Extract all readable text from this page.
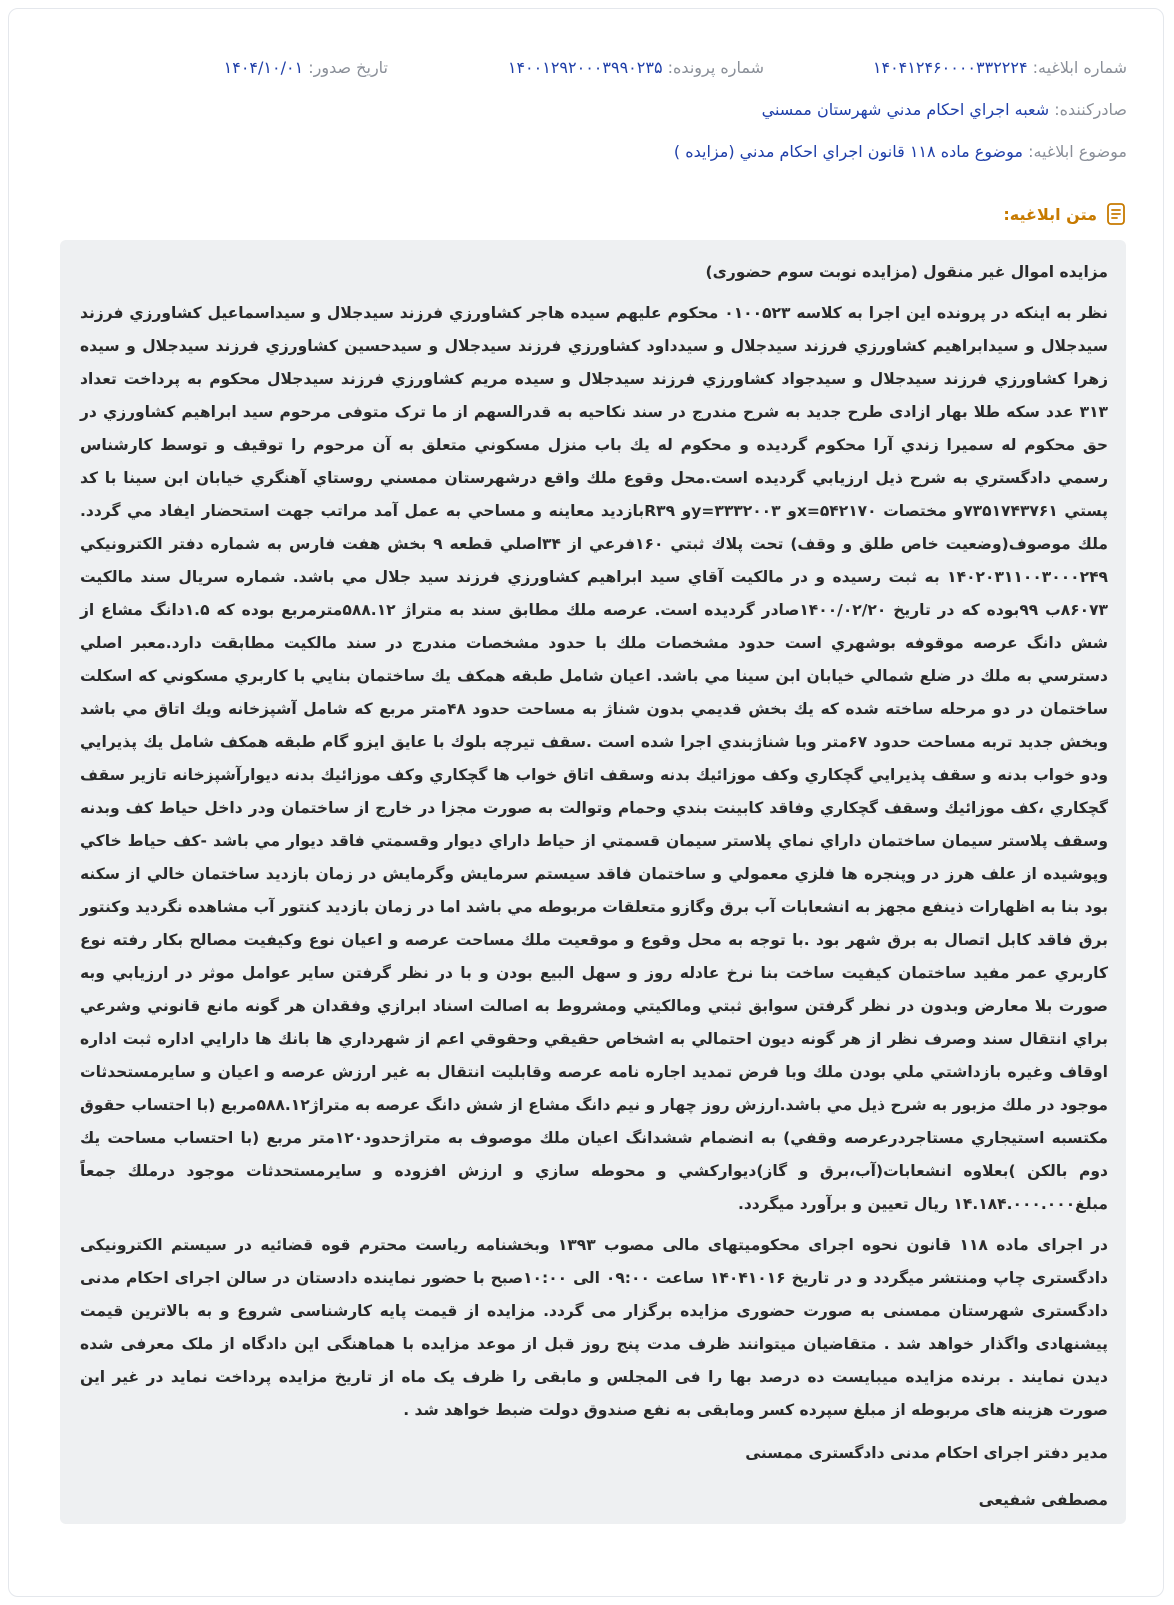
شماره ابلاغیه: ۱۴۰۴۱۲۴۶۰۰۰۰۳۳۲۲۲۴
شماره پرونده: ۱۴۰۰۱۲۹۲۰۰۰۳۹۹۰۲۳۵
تاریخ صدور: ۱۴۰۴/۱۰/۰۱
صادرکننده: شعبه اجراي احكام مدني شهرستان ممسني
موضوع ابلاغیه: موضوع ماده ۱۱۸ قانون اجراي احكام مدني (مزايده )
متن ابلاغیه:

مزایده اموال غیر منقول (مزايده نوبت سوم حضوری)

نظر به اينكه در پرونده اين اجرا به كلاسه ۰۱۰۰۵۲۳ محكوم عليهم سيده هاجر كشاورزي فرزند سيدجلال و سيداسماعيل كشاورزي فرزند سيدجلال و سيدابراهيم كشاورزي فرزند سيدجلال و سيدداود كشاورزي فرزند سيدجلال و سيدحسين كشاورزي فرزند سيدجلال و سيده زهرا كشاورزي فرزند سيدجلال و سيدجواد كشاورزي فرزند سيدجلال و سيده مريم كشاورزي فرزند سيدجلال محكوم به پرداخت تعداد ۳۱۳ عدد سكه طلا بهار ازادی طرح جديد به شرح مندرج در سند نكاحيه به قدرالسهم از ما ترک متوفی مرحوم سيد ابراهيم كشاورزي در حق محكوم له سميرا زندي آرا محكوم گرديده و محكوم له يك باب منزل مسكوني متعلق به آن مرحوم را توقيف و توسط كارشناس رسمي دادگستري به شرح ذيل ارزيابي گرديده است.محل وقوع ملك واقع درشهرستان ممسني روستاي آهنگري خيابان ابن سينا با كد پستي ۷۳۵۱۷۴۳۷۶۱و مختصات x=۵۴۲۱۷۰و y=۳۳۳۲۰۰۳و R۳۹بازديد معاينه و مساحي به عمل آمد مراتب جهت استحضار ايفاد مي گردد. ملك موصوف(وضعيت خاص طلق و وقف) تحت پلاك ثبتي ۱۶۰فرعي از ۳۴اصلي قطعه ۹ بخش هفت فارس به شماره دفتر الكترونيكي ۱۴۰۲۰۳۱۱۰۰۳۰۰۰۲۴۹ به ثبت رسيده و در مالكيت آقاي سيد ابراهيم كشاورزي فرزند سيد جلال مي باشد. شماره سريال سند مالكيت ۸۶۰۷۳ب ۹۹بوده كه در تاريخ ۱۴۰۰/۰۲/۲۰صادر گرديده است. عرصه ملك مطابق سند به متراژ ۵۸۸.۱۲مترمربع بوده كه ۱.۵دانگ مشاع از شش دانگ عرصه موقوفه بوشهري است حدود مشخصات ملك با حدود مشخصات مندرج در سند مالكيت مطابقت دارد.معبر اصلي دسترسي به ملك در ضلع شمالي خيابان ابن سينا مي باشد. اعيان شامل طبقه همكف يك ساختمان بنايي با كاربري مسكوني كه اسكلت ساختمان در دو مرحله ساخته شده كه يك بخش قديمي بدون شناژ به مساحت حدود ۴۸متر مربع كه شامل آشپزخانه ويك اتاق مي باشد وبخش جديد تربه مساحت حدود ۶۷متر وبا شناژبندي اجرا شده است .سقف تيرچه بلوك با عايق ايزو گام طبقه همكف شامل يك پذيرايي ودو خواب بدنه و سقف پذيرايي گچكاري وكف موزائيك بدنه وسقف اتاق خواب ها گچكاري وكف موزائيك بدنه ديوارآشپزخانه تازير سقف گچكاري ،كف موزائيك وسقف گچكاري وفاقد كابينت بندي وحمام وتوالت به صورت مجزا در خارج از ساختمان ودر داخل حياط كف وبدنه وسقف پلاستر سيمان ساختمان داراي نماي پلاستر سيمان قسمتي از حياط داراي ديوار وقسمتي فاقد ديوار مي باشد -كف حياط خاكي وپوشيده از علف هرز در وپنجره ها فلزي معمولي و ساختمان فاقد سيستم سرمايش وگرمايش در زمان بازديد ساختمان خالي از سكنه بود بنا به اظهارات ذينفع مجهز به انشعابات آب برق وگازو متعلقات مربوطه مي باشد اما در زمان بازديد كنتور آب مشاهده نگرديد وكنتور برق فاقد كابل اتصال به برق شهر بود .با توجه به محل وقوع و موقعيت ملك مساحت عرصه و اعيان نوع وكيفيت مصالح بكار رفته نوع كاربري عمر مفيد ساختمان كيفيت ساخت بنا نرخ عادله روز و سهل البيع بودن و با در نظر گرفتن ساير عوامل موثر در ارزيابي وبه صورت بلا معارض وبدون در نظر گرفتن سوابق ثبتي ومالكيتي ومشروط به اصالت اسناد ابرازي وفقدان هر گونه مانع قانوني وشرعي براي انتقال سند وصرف نظر از هر گونه ديون احتمالي به اشخاص حقيقي وحقوقي اعم از شهرداري ها بانك ها دارايي اداره ثبت اداره اوقاف وغيره بازداشتي ملي بودن ملك وبا فرض تمديد اجاره نامه عرصه وقابليت انتقال به غير ارزش عرصه و اعيان و سايرمستحدثات موجود در ملك مزبور به شرح ذيل مي باشد.ارزش روز چهار و نيم دانگ مشاع از شش دانگ عرصه به متراژ۵۸۸.۱۲مربع (با احتساب حقوق مكتسبه استيجاري مستاجردرعرصه وقفي) به انضمام ششدانگ اعيان ملك موصوف به متراژحدود۱۲۰متر مربع (با احتساب مساحت يك دوم بالكن )بعلاوه انشعابات(آب،برق و گاز)ديواركشي و محوطه سازي و ارزش افزوده و سايرمستحدثات موجود درملك جمعاً مبلغ۱۴.۱۸۴.۰۰۰.۰۰۰ ريال تعيين و برآورد ميگردد.

در اجرای ماده ۱۱۸ قانون نحوه اجرای محکومیتهای مالی مصوب ۱۳۹۳ وبخشنامه ریاست محترم قوه قضائیه در سیستم الکترونیکی دادگستری چاپ ومنتشر میگردد و در تاریخ ۱۴۰۴۱۰۱۶ ساعت ۰۹:۰۰ الی ۱۰:۰۰صبح با حضور نماینده دادستان در سالن اجرای احکام مدنی دادگستری شهرستان ممسنی به صورت حضوری مزایده برگزار می گردد. مزایده از قیمت پایه کارشناسی شروع و به بالاترین قیمت پیشنهادی واگذار خواهد شد . متقاضیان میتوانند ظرف مدت پنج روز قبل از موعد مزایده با هماهنگی این دادگاه از ملک معرفی شده دیدن نمایند . برنده مزایده میبایست ده درصد بها را فی المجلس و مابقی را ظرف یک ماه از تاریخ مزایده پرداخت نماید در غیر این صورت هزینه های مربوطه از مبلغ سپرده کسر ومابقی به نفع صندوق دولت ضبط خواهد شد .

مدیر دفتر اجرای احکام مدنی دادگستری ممسنی

مصطفی شفیعی
